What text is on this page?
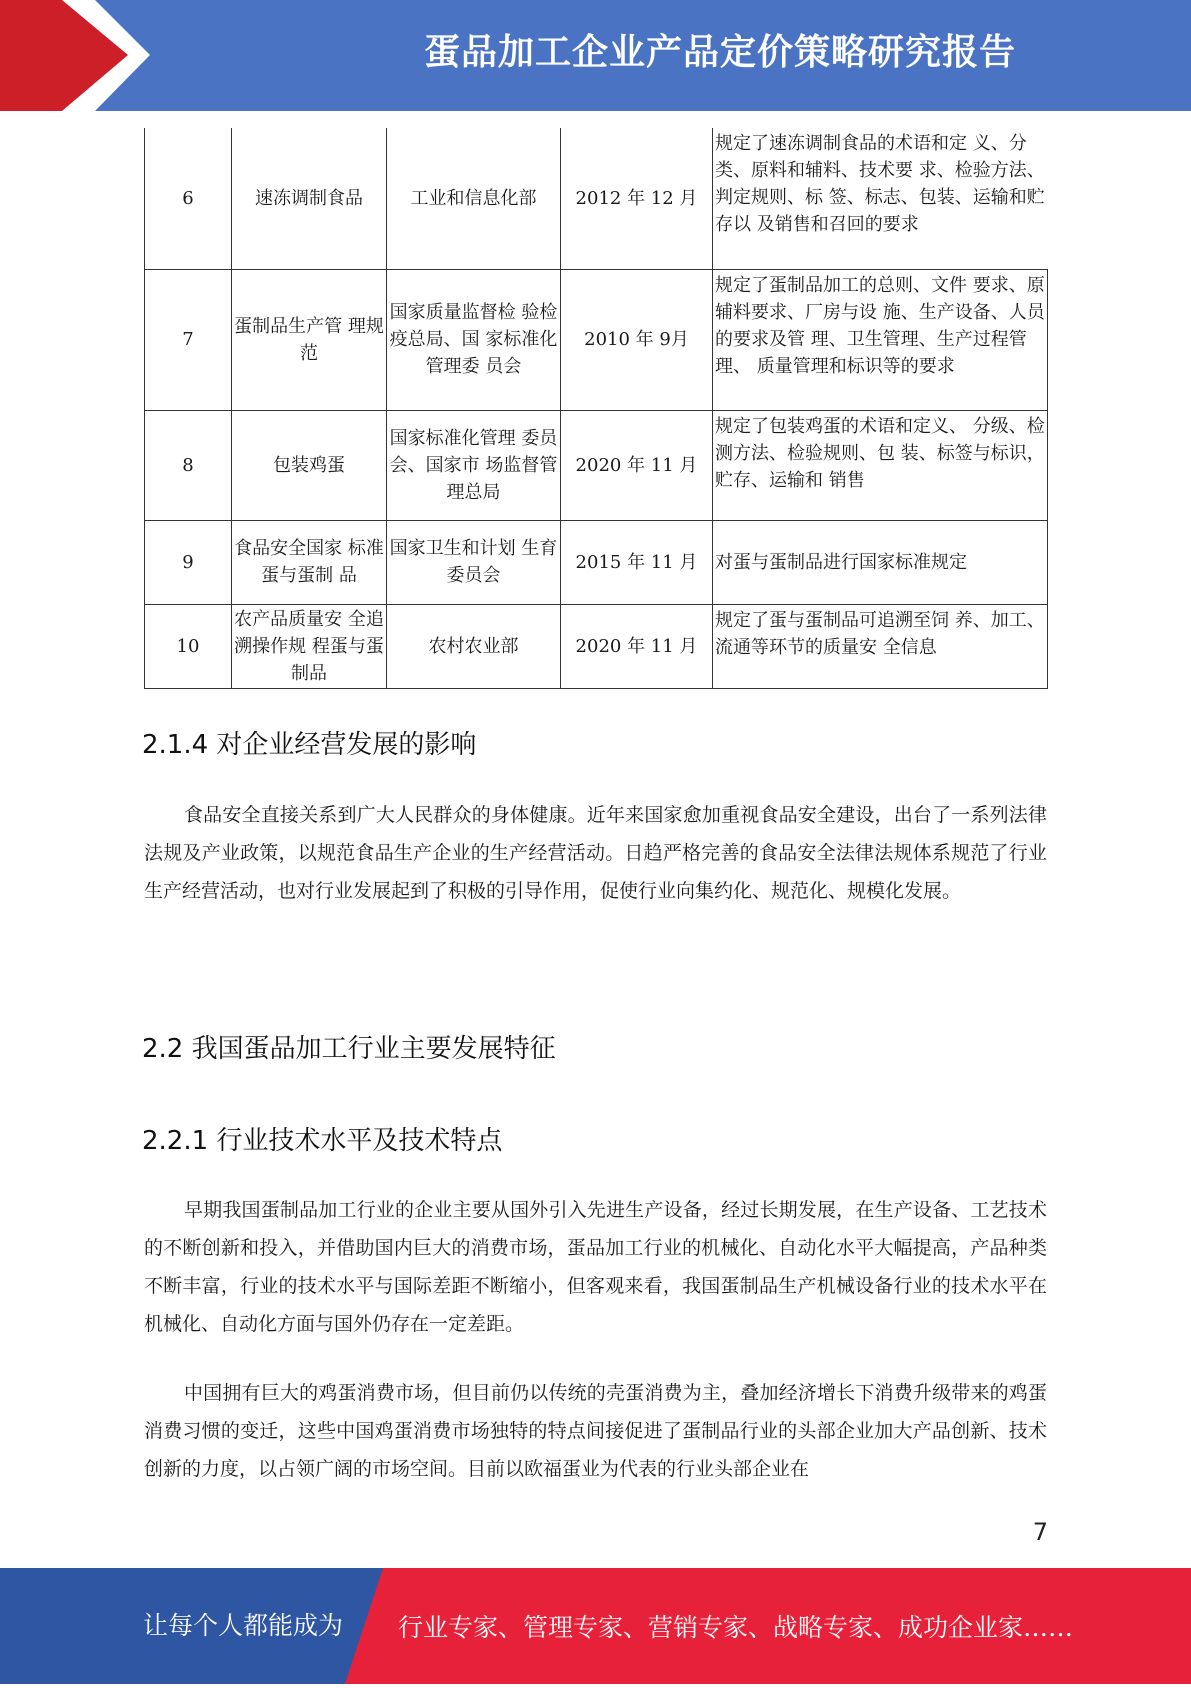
蛋品加工企业产品定价策略研究报告
6	速冻调制食品	工业和信息化部	2012 年 12 月	规定了速冻调制食品的术语和定 义、分类、原料和辅料、技术要 求、检验方法、判定规则、标 签、标志、包装、运输和贮存以 及销售和召回的要求
7	蛋制品生产管 理规范	国家质量监督检 验检疫总局、国 家标准化管理委 员会	2010 年 9月	规定了蛋制品加工的总则、文件 要求、原辅料要求、厂房与设 施、生产设备、人员的要求及管 理、卫生管理、生产过程管理、 质量管理和标识等的要求
8	包装鸡蛋	国家标准化管理 委员会、国家市 场监督管理总局	2020 年 11 月	规定了包装鸡蛋的术语和定义、 分级、检测方法、检验规则、包 装、标签与标识，贮存、运输和 销售
9	食品安全国家 标准蛋与蛋制 品	国家卫生和计划 生育委员会	2015 年 11 月	对蛋与蛋制品进行国家标准规定
10	农产品质量安 全追溯操作规 程蛋与蛋制品	农村农业部	2020 年 11 月	规定了蛋与蛋制品可追溯至饲 养、加工、流通等环节的质量安 全信息
2.1.4 对企业经营发展的影响

食品安全直接关系到广大人民群众的身体健康。近年来国家愈加重视食品安全建设，出台了一系列法律法规及产业政策，以规范食品生产企业的生产经营活动。日趋严格完善的食品安全法律法规体系规范了行业生产经营活动，也对行业发展起到了积极的引导作用，促使行业向集约化、规范化、规模化发展。

2.2 我国蛋品加工行业主要发展特征
2.2.1 行业技术水平及技术特点

早期我国蛋制品加工行业的企业主要从国外引入先进生产设备，经过长期发展，在生产设备、工艺技术的不断创新和投入，并借助国内巨大的消费市场，蛋品加工行业的机械化、自动化水平大幅提高，产品种类不断丰富，行业的技术水平与国际差距不断缩小，但客观来看，我国蛋制品生产机械设备行业的技术水平在机械化、自动化方面与国外仍存在一定差距。

中国拥有巨大的鸡蛋消费市场，但目前仍以传统的壳蛋消费为主，叠加经济增长下消费升级带来的鸡蛋消费习惯的变迁，这些中国鸡蛋消费市场独特的特点间接促进了蛋制品行业的头部企业加大产品创新、技术创新的力度，以占领广阔的市场空间。目前以欧福蛋业为代表的行业头部企业在

7
让每个人都能成为 行业专家、管理专家、营销专家、战略专家、成功企业家……
